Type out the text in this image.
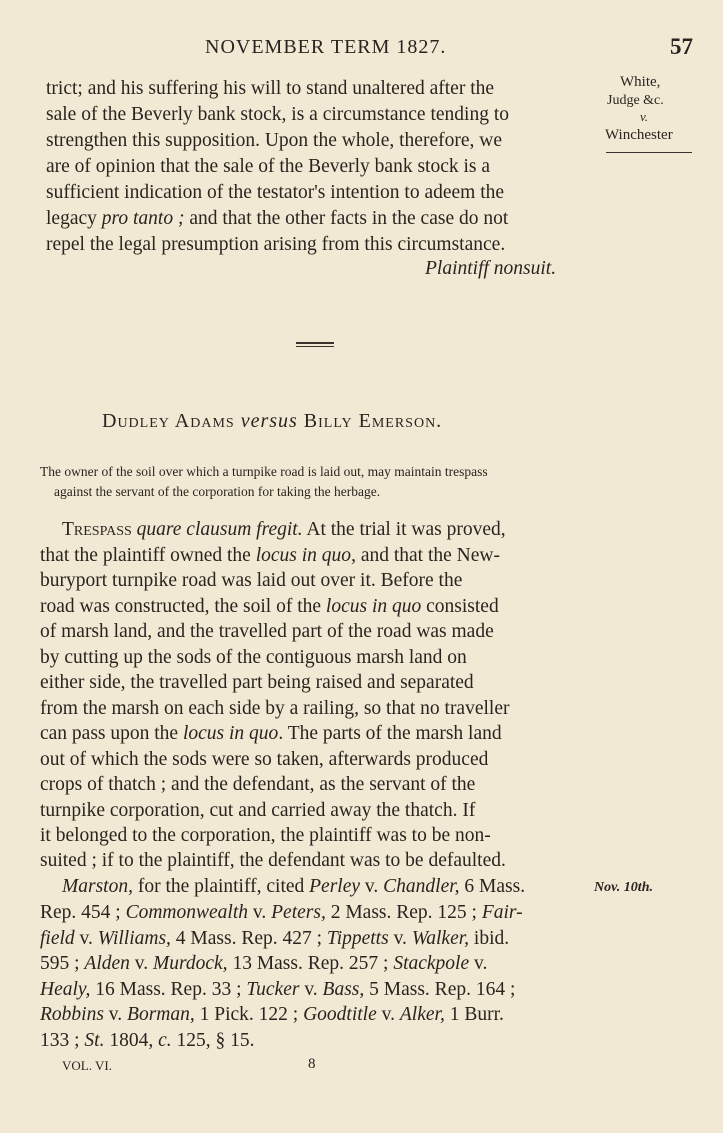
NOVEMBER TERM 1827.	57
White,
Judge &c.
v.
Winchester
trict; and his suffering his will to stand unaltered after the
sale of the Beverly bank stock, is a circumstance tending to
strengthen this supposition. Upon the whole, therefore, we
are of opinion that the sale of the Beverly bank stock is a
sufficient indication of the testator's intention to adeem the
legacy pro tanto ; and that the other facts in the case do not
repel the legal presumption arising from this circumstance.
Plaintiff nonsuit.
Dudley Adams versus Billy Emerson.
The owner of the soil over which a turnpike road is laid out, may maintain trespass
against the servant of the corporation for taking the herbage.
Trespass quare clausum fregit. At the trial it was proved,
that the plaintiff owned the locus in quo, and that the New-
buryport turnpike road was laid out over it. Before the
road was constructed, the soil of the locus in quo consisted
of marsh land, and the travelled part of the road was made
by cutting up the sods of the contiguous marsh land on
either side, the travelled part being raised and separated
from the marsh on each side by a railing, so that no traveller
can pass upon the locus in quo. The parts of the marsh land
out of which the sods were so taken, afterwards produced
crops of thatch ; and the defendant, as the servant of the
turnpike corporation, cut and carried away the thatch. If
it belonged to the corporation, the plaintiff was to be non-
suited ; if to the plaintiff, the defendant was to be defaulted.
Marston, for the plaintiff, cited Perley v. Chandler, 6 Mass.	Nov. 10th.
Rep. 454 ; Commonwealth v. Peters, 2 Mass. Rep. 125 ; Fair-
field v. Williams, 4 Mass. Rep. 427 ; Tippetts v. Walker, ibid.
595 ; Alden v. Murdock, 13 Mass. Rep. 257 ; Stackpole v.
Healy, 16 Mass. Rep. 33 ; Tucker v. Bass, 5 Mass. Rep. 164 ;
Robbins v. Borman, 1 Pick. 122 ; Goodtitle v. Alker, 1 Burr.
133 ; St. 1804, c. 125, § 15.
VOL. VI.	8
